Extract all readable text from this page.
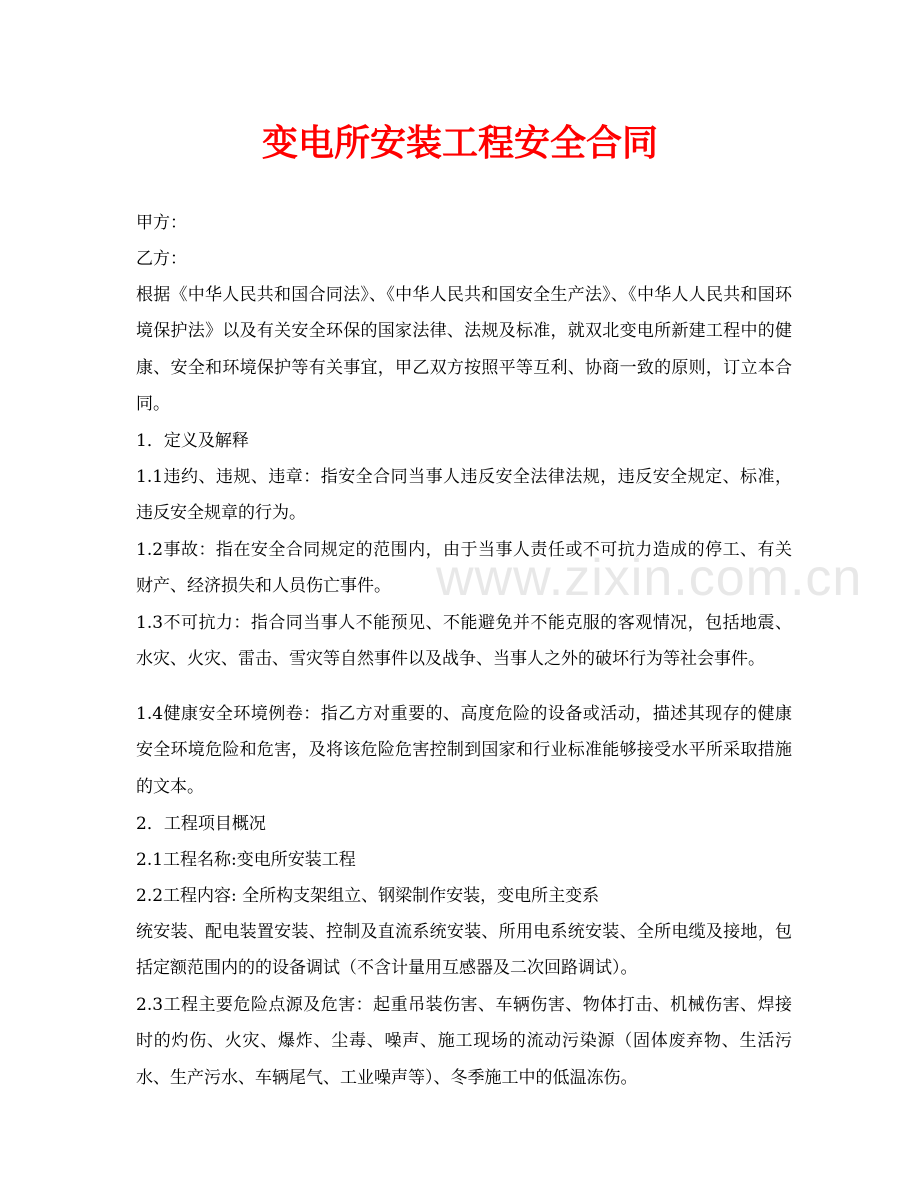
www.zixin.com.cn
变电所安装工程安全合同

甲方：

乙方：

根据《中华人民共和国合同法》、《中华人民共和国安全生产法》、《中华人人民共和国环境保护法》以及有关安全环保的国家法律、法规及标准，就双北变电所新建工程中的健康、安全和环境保护等有关事宜，甲乙双方按照平等互利、协商一致的原则，订立本合同。

1．定义及解释

1.1违约、违规、违章：指安全合同当事人违反安全法律法规，违反安全规定、标准，违反安全规章的行为。

1.2事故：指在安全合同规定的范围内，由于当事人责任或不可抗力造成的停工、有关财产、经济损失和人员伤亡事件。

1.3不可抗力：指合同当事人不能预见、不能避免并不能克服的客观情况，包括地震、水灾、火灾、雷击、雪灾等自然事件以及战争、当事人之外的破坏行为等社会事件。

1.4健康安全环境例卷：指乙方对重要的、高度危险的设备或活动，描述其现存的健康安全环境危险和危害，及将该危险危害控制到国家和行业标准能够接受水平所采取措施的文本。

2．工程项目概况

2.1工程名称:变电所安装工程

2.2工程内容: 全所构支架组立、钢梁制作安装，变电所主变系

统安装、配电装置安装、控制及直流系统安装、所用电系统安装、全所电缆及接地，包括定额范围内的的设备调试（不含计量用互感器及二次回路调试）。

2.3工程主要危险点源及危害：起重吊装伤害、车辆伤害、物体打击、机械伤害、焊接时的灼伤、火灾、爆炸、尘毒、噪声、施工现场的流动污染源（固体废弃物、生活污水、生产污水、车辆尾气、工业噪声等）、冬季施工中的低温冻伤。
